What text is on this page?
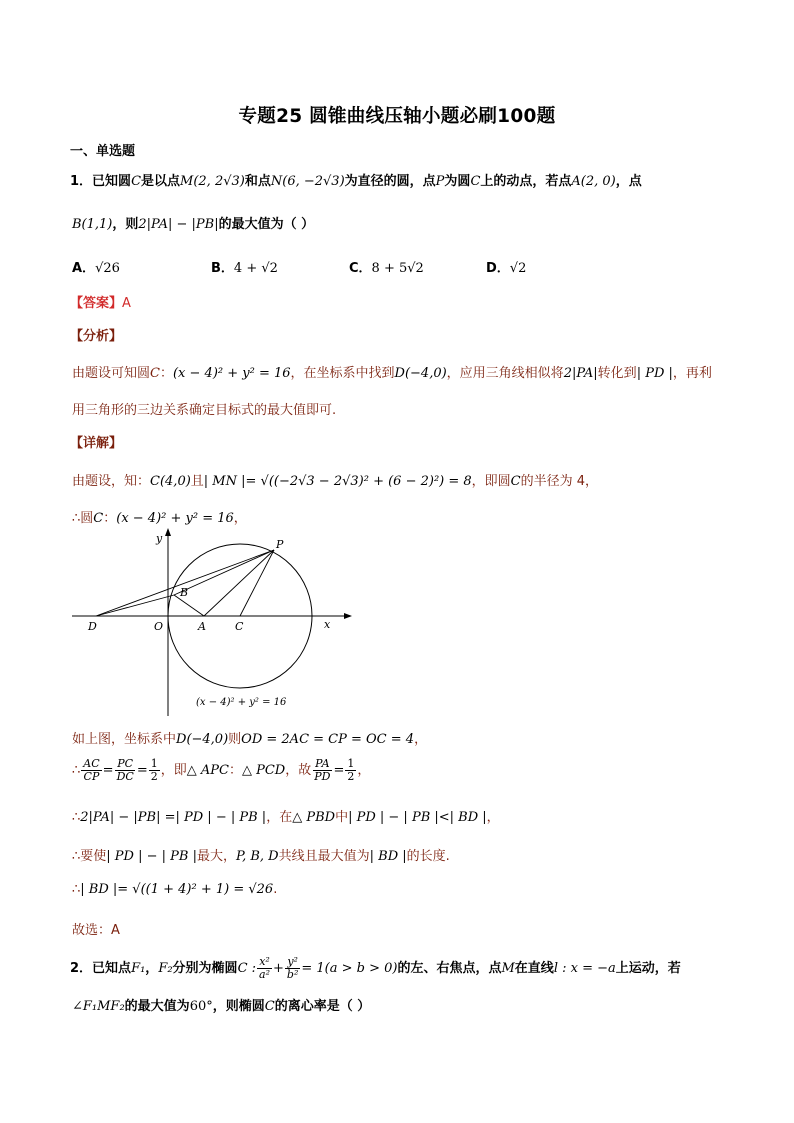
专题25 圆锥曲线压轴小题必刷100题
一、单选题
1．已知圆C是以点M(2, 2√3)和点N(6, −2√3)为直径的圆，点P为圆C上的动点，若点A(2, 0)，点
B(1,1)，则2|PA| − |PB|的最大值为（ ）
A．√26	B．4 + √2	C．8 + 5√2	D．√2
【答案】A
【分析】
由题设可知圆C：(x − 4)² + y² = 16，在坐标系中找到D(−4,0)，应用三角线相似将2|PA|转化到| PD |，再利
用三角形的三边关系确定目标式的最大值即可.
【详解】
由题设，知：C(4,0)且| MN |= √((−2√3 − 2√3)² + (6 − 2)²) = 8，即圆C的半径为 4，
∴圆C：(x − 4)² + y² = 16，
y
x
P
B
D	O	A	C
(x − 4)² + y² = 16
如上图，坐标系中D(−4,0)则OD = 2AC = CP = OC = 4，
∴ $\frac{AC}{CP} = \frac{PC}{DC} = \frac{1}{2}$ ，即△ APC：△ PCD，故 $\frac{PA}{PD} = \frac{1}{2}$ ，
∴2|PA| − |PB| =| PD | − | PB |，在△ PBD中| PD | − | PB |<| BD |，
∴要使| PD | − | PB |最大，P, B, D共线且最大值为| BD |的长度.
∴| BD |= √((1 + 4)² + 1) = √26.
故选：A
2．已知点F₁，F₂分别为椭圆C : $\frac{\text{x²}}{\text{a²}} + \frac{\text{y²}}{\text{b²}} = 1(a > b > 0)$的左、右焦点，点M在直线l : x = −a上运动，若
∠F₁MF₂的最大值为60°，则椭圆C的离心率是（ ）
